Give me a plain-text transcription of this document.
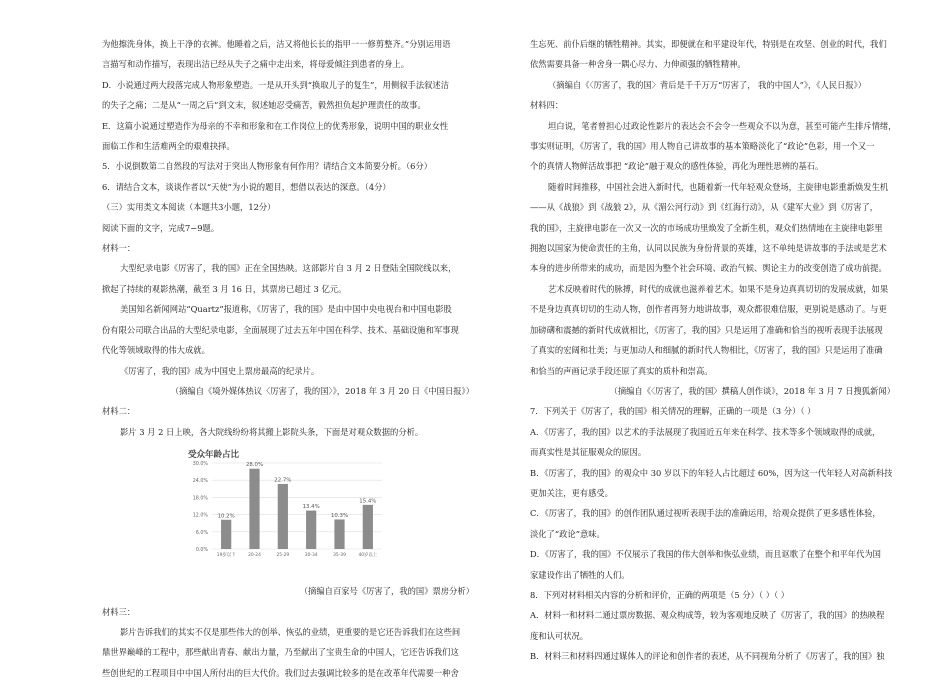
为他擦洗身体，换上干净的衣裤。他睡着之后，洁又将他长长的指甲一一修剪整齐。”分别运用语

言描写和动作描写，表现出洁已经从失子之痛中走出来，将母爱倾注到患者的身上。

D．小说通过两大段落完成人物形象塑造。一是从开头到“换取儿子的复生”，用侧叙手法叙述洁

的失子之痛；二是从“一周之后”到文末，叙述她忍受痛苦，毅然担负起护理责任的故事。

E．这篇小说通过塑造作为母亲的不幸和形象和在工作岗位上的优秀形象，说明中国的职业女性

面临工作和生活难两全的艰难抉择。

5．小说倒数第二自然段的写法对于突出人物形象有何作用？请结合文本简要分析。（6分）

6．请结合文本，谈谈作者以“天使”为小说的题目，想借以表达的深意。（4分）

（三）实用类文本阅读（本题共3小题，12分）

阅读下面的文字，完成7−9题。

材料一：

大型纪录电影《厉害了，我的国》正在全国热映。这部影片自 3 月 2 日登陆全国院线以来，

掀起了持续的观影热潮，截至 3 月 16 日，其票房已超过 3 亿元。

美国知名新闻网站“Quartz”报道称，《厉害了，我的国》是由中国中央电视台和中国电影股

份有限公司联合出品的大型纪录电影，全面展现了过去五年中国在科学、技术、基础设施和军事现

代化等领域取得的伟大成就。

《厉害了，我的国》成为中国史上票房最高的纪录片。

（摘编自《境外媒体热议〈厉害了，我的国〉》，2018 年 3 月 20 日《中国日报》）

材料二：

影片 3 月 2 日上映，各大院线纷纷将其搬上影院头条，下面是对观众数据的分析。

受众年龄占比
0.0%
6.0%
12.0%
18.0%
24.0%
30.0%
10.2%
19岁以下
28.0%
20-24
22.7%
25-29
13.4%
30-34
10.3%
35-39
15.4%
40岁以上

（摘编自百家号《厉害了，我的国》票房分析）

材料三：

影片告诉我们的其实不仅是那些伟大的创举、恢弘的业绩，更重要的是它还告诉我们在这些间

鼎世界巅峰的工程中，那些献出青春、献出力量，乃至献出了宝贵生命的中国人，它还告诉我们这

些创世纪的工程项目中中国人所付出的巨大代价。我们过去强调比较多的是在改革年代需要一种舍

生忘死、前仆后继的牺牲精神。其实，即便就在和平建设年代，特别是在攻坚、创业的时代，我们

依然需要具备一种舍身一隅心尽力、力伸顽强的牺牲精神。

（摘编自《〈厉害了，我的国〉背后是千千万万“厉害了， 我的中国人”》，《人民日报》）

材料四：

坦白说，笔者曾担心过政论性影片的表达会不会令一些观众不以为意，甚至可能产生排斥情绪，

事实则证明，《厉害了，我的国》用人物自己讲故事的基本策略淡化了“政论”色彩，用一个又一

个的真情人物鲜活故事把 “政论”融于观众的感性体验，再化为理性思辨的基石。

随着时间推移，中国社会进入新时代，也随着新一代年轻观众登场，主旋律电影重新焕发生机

——从《战狼》到《战狼 2》，从《湄公河行动》到《红海行动》，从《建军大业》到《厉害了，

我的国》，主旋律电影在一次又一次的市场成功里焕发了全新生机，观众们热情地在主旋律电影里

拥抱以国家为使命责任的主角，认同以民族为身份背景的英雄，这不单纯是讲故事的手法或是艺术

本身的进步所带来的成功，而是因为整个社会环境、政治气候、舆论主力的改变创造了成功前提。

艺术反映着时代的脉搏，时代的成就也滋养着艺术。如果不是身边真真切切的发展成就，如果

不是身边真真切切的生动人物，创作者再努力地讲故事，观众都很难信服，更别说是感动了。与更

加磅礴和震撼的新时代成就相比，《厉害了，我的国》只是运用了准确和恰当的视听表现手法展现

了真实的宏阔和壮美；与更加动人和细腻的新时代人物相比，《厉害了，我的国》只是运用了准确

和恰当的声画记录手段还原了真实的质朴和崇高。

（摘编自《〈厉害了，我的国〉撰稿人创作谈》，2018 年 3 月 7 日搜狐新闻）

7．下列关于《厉害了，我的国》相关情况的理解，正确的一项是（3 分）（ ）

A．《厉害了，我的国》以艺术的手法展现了我国近五年来在科学、技术等多个领域取得的成就，

而真实性是其征服观众的原因。

B．《厉害了，我的国》的观众中 30 岁以下的年轻人占比超过 60%，因为这一代年轻人对高新科技

更加关注，更有感受。

C．《厉害了，我的国》的创作团队通过视听表现手法的准确运用，给观众提供了更多感性体验，

淡化了“政论”意味。

D．《厉害了，我的国》不仅展示了我国的伟大创举和恢弘业绩，而且讴歌了在整个和平年代为国

家建设作出了牺牲的人们。

8．下列对材料相关内容的分析和评价，正确的两项是（5 分）（ ）（ ）

A．材料一和材料二通过票房数据、观众构成等，较为客观地反映了《厉害了，我的国》的热映程

度和认可状况。

B．材料三和材料四通过媒体人的评论和创作者的表述，从不同视角分析了《厉害了，我的国》独
